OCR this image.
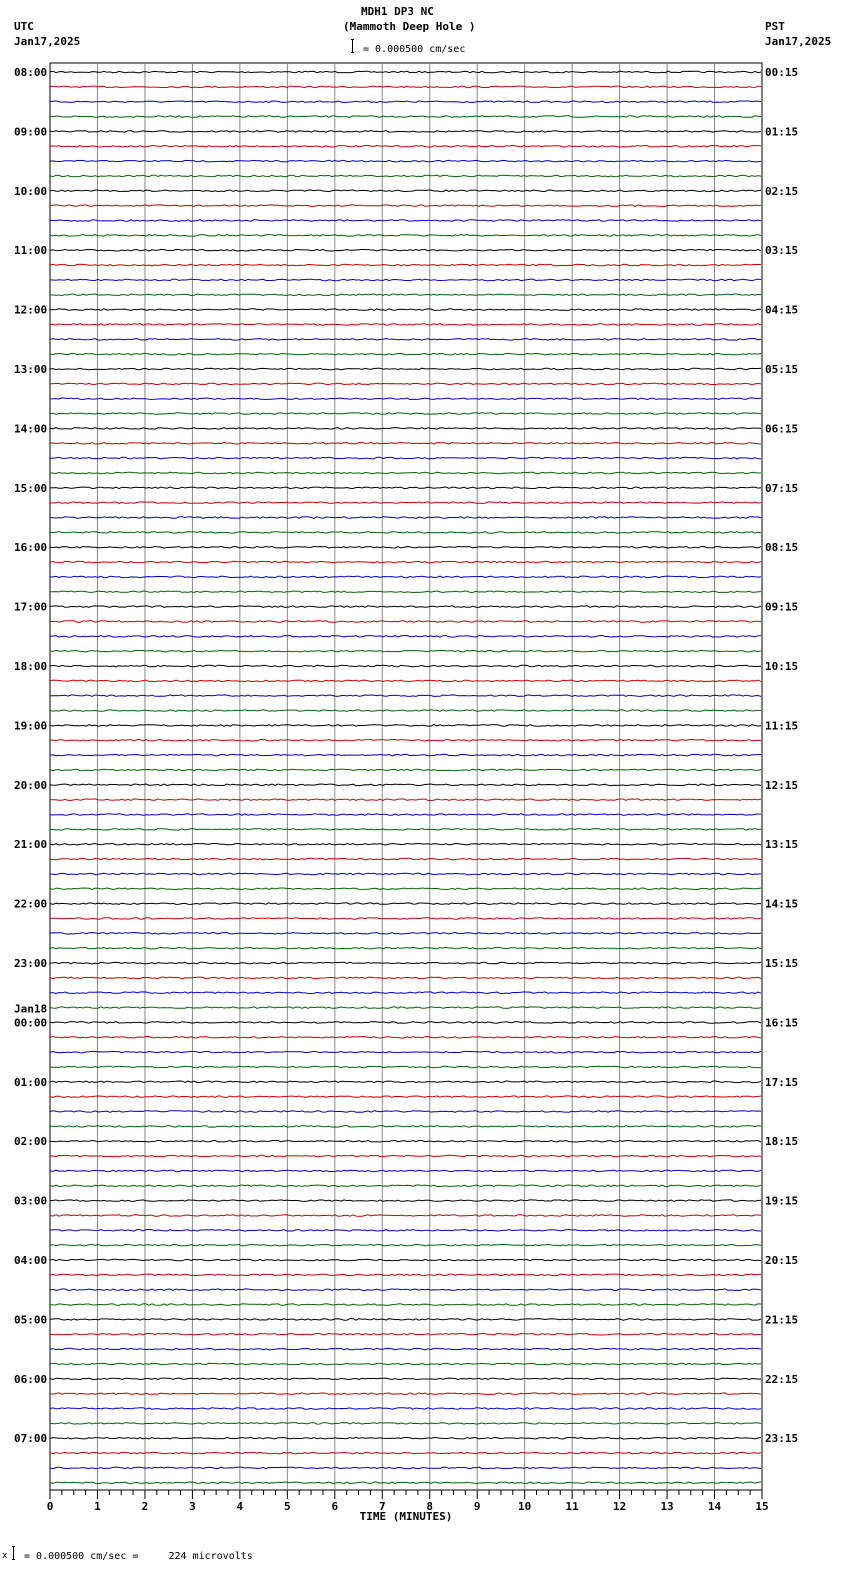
08:00	00:15
09:00	01:15
10:00	02:15
11:00	03:15
12:00	04:15
13:00	05:15
14:00	06:15
15:00	07:15
16:00	08:15
17:00	09:15
18:00	10:15
19:00	11:15
20:00	12:15
21:00	13:15
22:00	14:15
23:00	15:15
Jan18
00:00	16:15
01:00	17:15
02:00	18:15
03:00	19:15
04:00	20:15
05:00	21:15
06:00	22:15
07:00	23:15
0	1	2	3	4	5	6	7	8	9	10	11	12	13	14	15
TIME (MINUTES)
MDH1 DP3 NC
(Mammoth Deep Hole )
UTC
Jan17,2025
PST
Jan17,2025
= 0.000500 cm/sec
x = 0.000500 cm/sec =     224 microvolts
